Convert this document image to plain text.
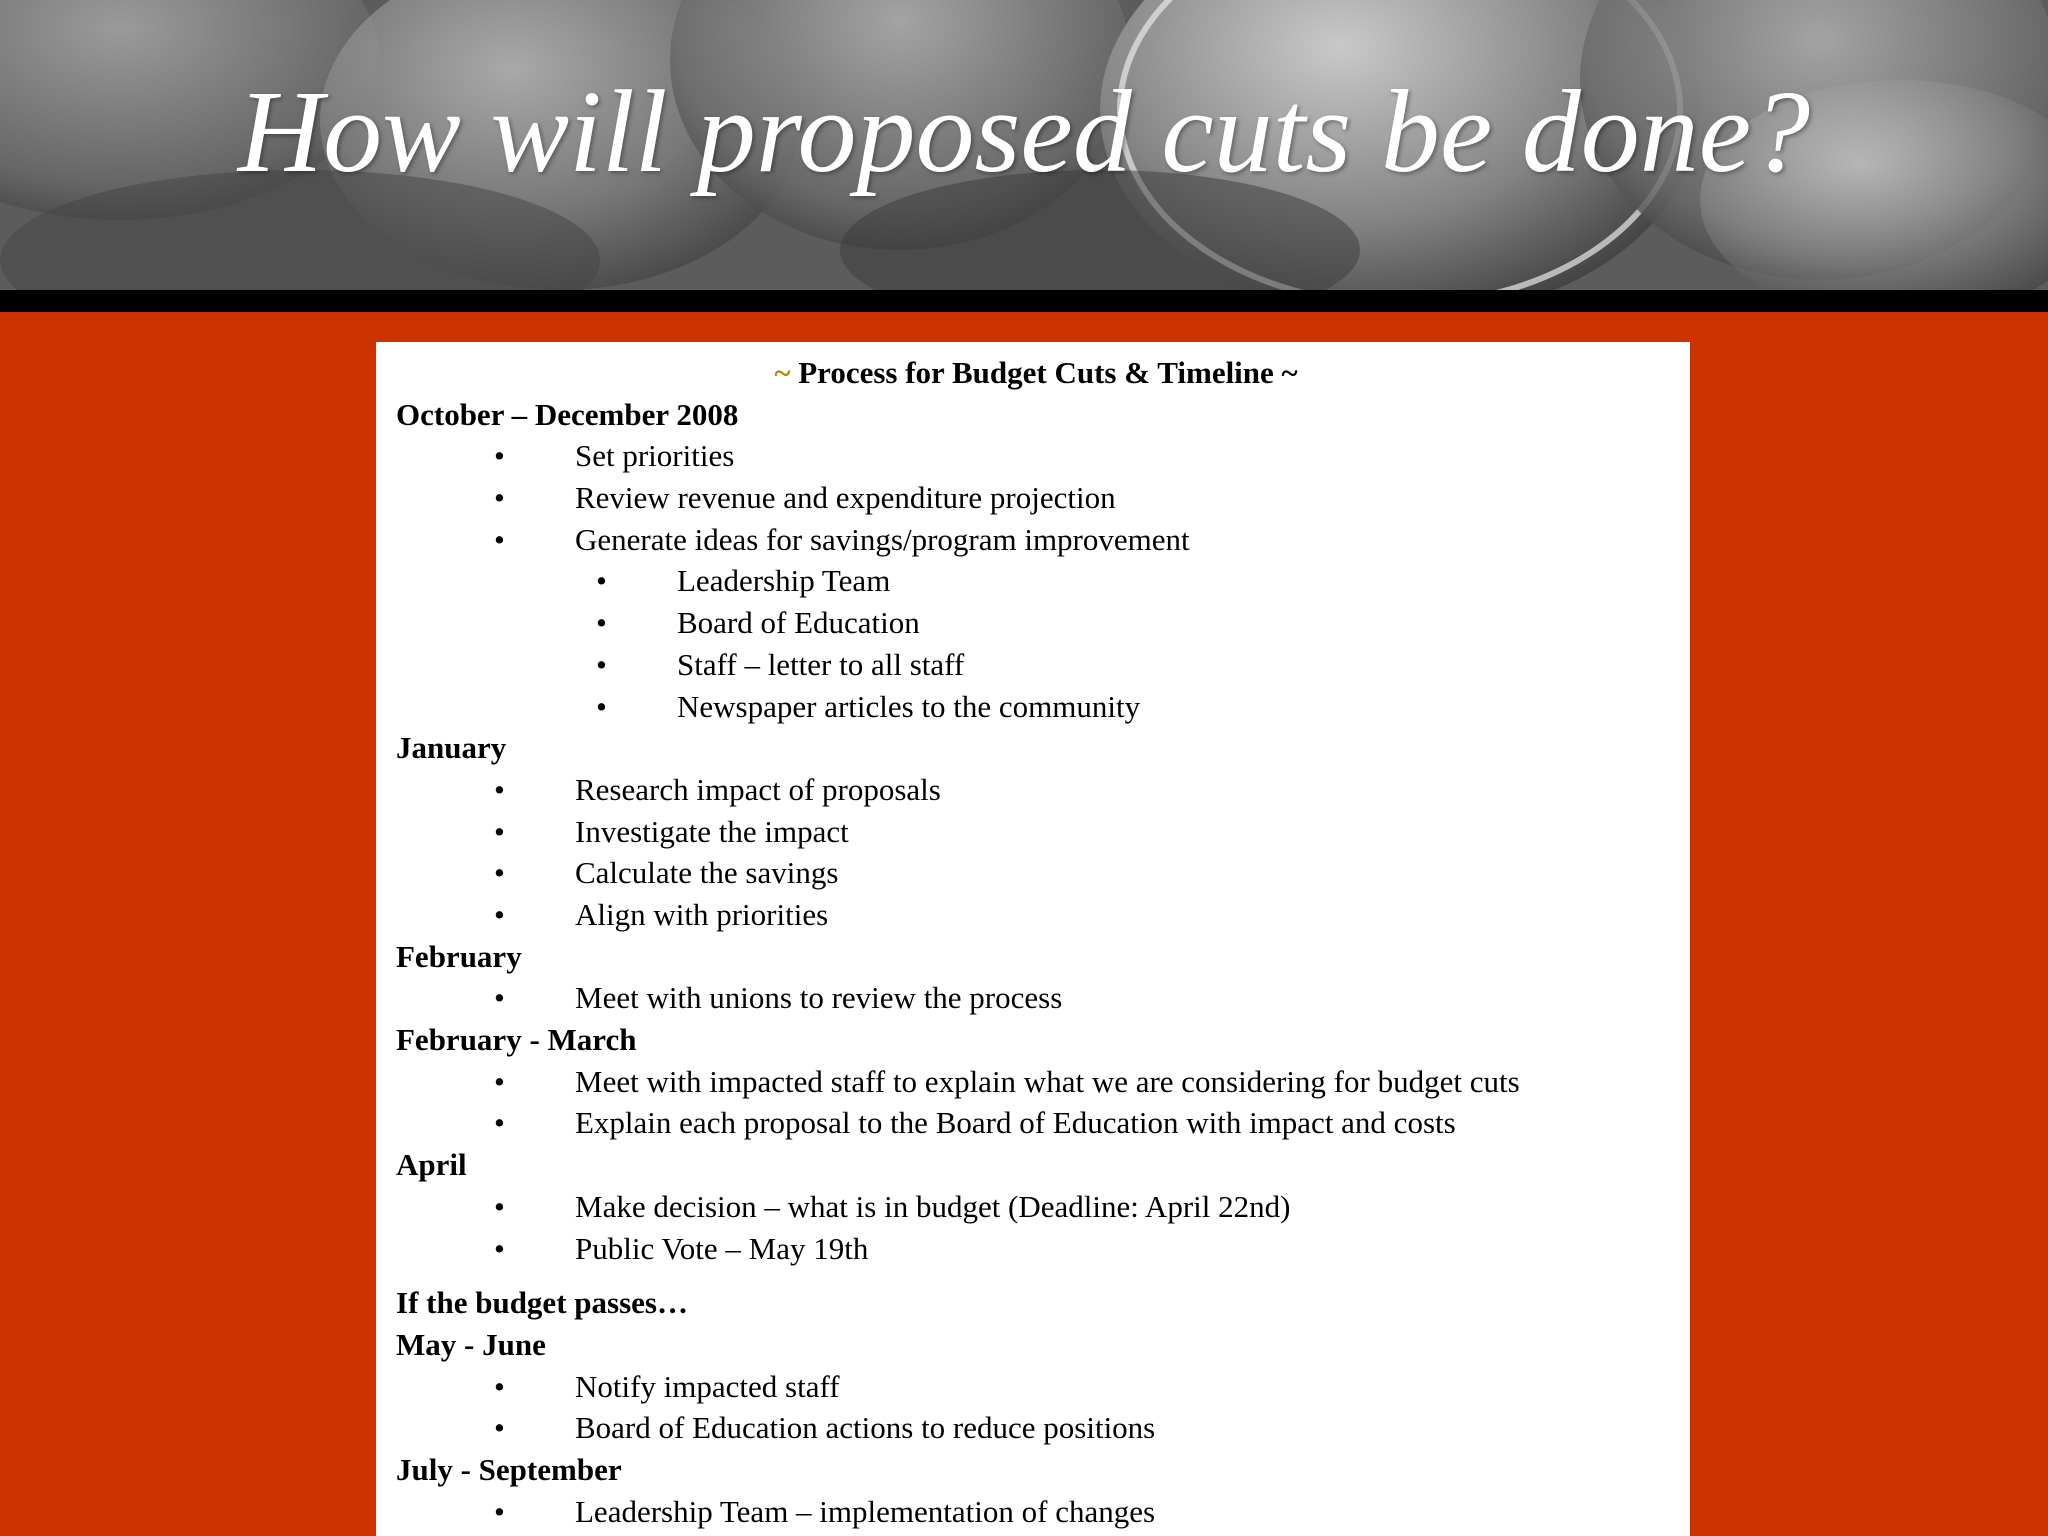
How will proposed cuts be done?
~ Process for Budget Cuts & Timeline ~
October – December 2008
• Set priorities
• Review revenue and expenditure projection
• Generate ideas for savings/program improvement
• Leadership Team
• Board of Education
• Staff – letter to all staff
• Newspaper articles to the community
January
• Research impact of proposals
• Investigate the impact
• Calculate the savings
• Align with priorities
February
• Meet with unions to review the process
February - March
• Meet with impacted staff to explain what we are considering for budget cuts
• Explain each proposal to the Board of Education with impact and costs
April
• Make decision – what is in budget (Deadline: April 22nd)
• Public Vote – May 19th
If the budget passes…
May - June
• Notify impacted staff
• Board of Education actions to reduce positions
July - September
• Leadership Team – implementation of changes
